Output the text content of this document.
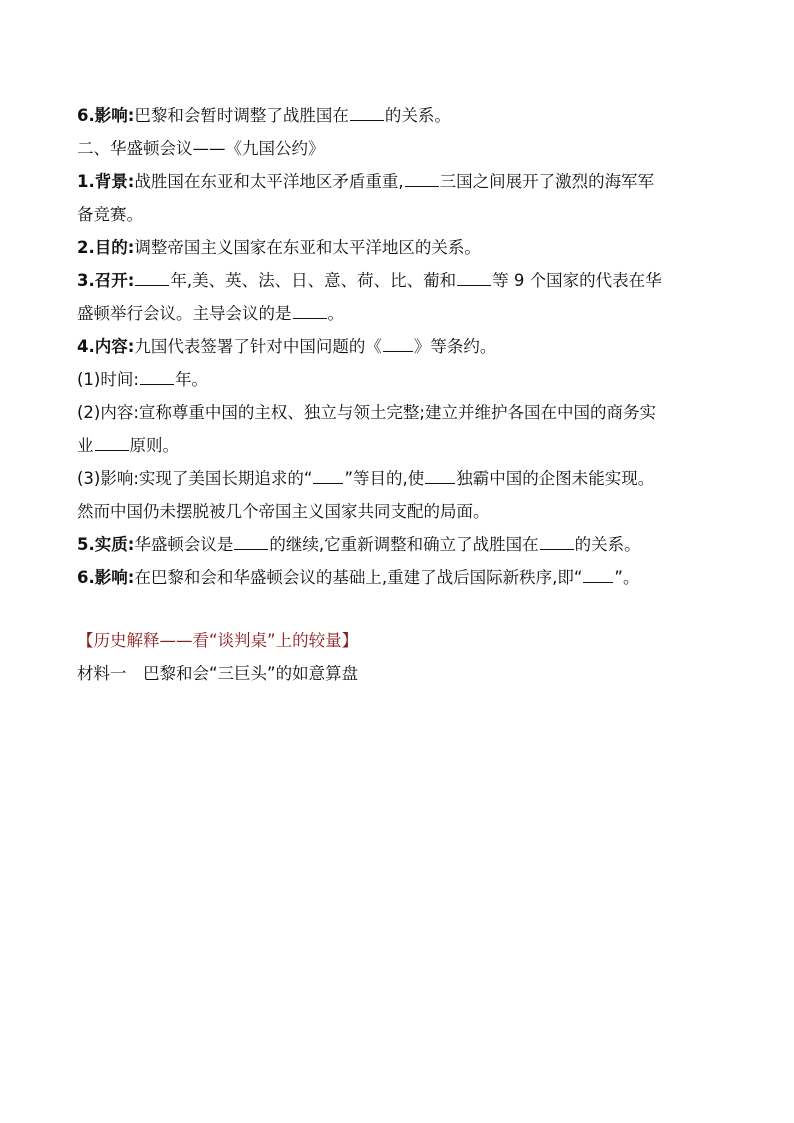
6.影响:巴黎和会暂时调整了战胜国在 的关系。
二、华盛顿会议——《九国公约》
1.背景:战胜国在东亚和太平洋地区矛盾重重, 三国之间展开了激烈的海军军
备竞赛。
2.目的:调整帝国主义国家在东亚和太平洋地区的关系。
3.召开: 年,美、英、法、日、意、荷、比、葡和 等 9 个国家的代表在华
盛顿举行会议。主导会议的是 。
4.内容:九国代表签署了针对中国问题的《 》等条约。
(1)时间: 年。
(2)内容:宣称尊重中国的主权、独立与领土完整;建立并维护各国在中国的商务实
业 原则。
(3)影响:实现了美国长期追求的“ ”等目的,使 独霸中国的企图未能实现。
然而中国仍未摆脱被几个帝国主义国家共同支配的局面。
5.实质:华盛顿会议是 的继续,它重新调整和确立了战胜国在 的关系。
6.影响:在巴黎和会和华盛顿会议的基础上,重建了战后国际新秩序,即“ ”。
【历史解释——看“谈判桌”上的较量】
材料一　巴黎和会“三巨头”的如意算盘
